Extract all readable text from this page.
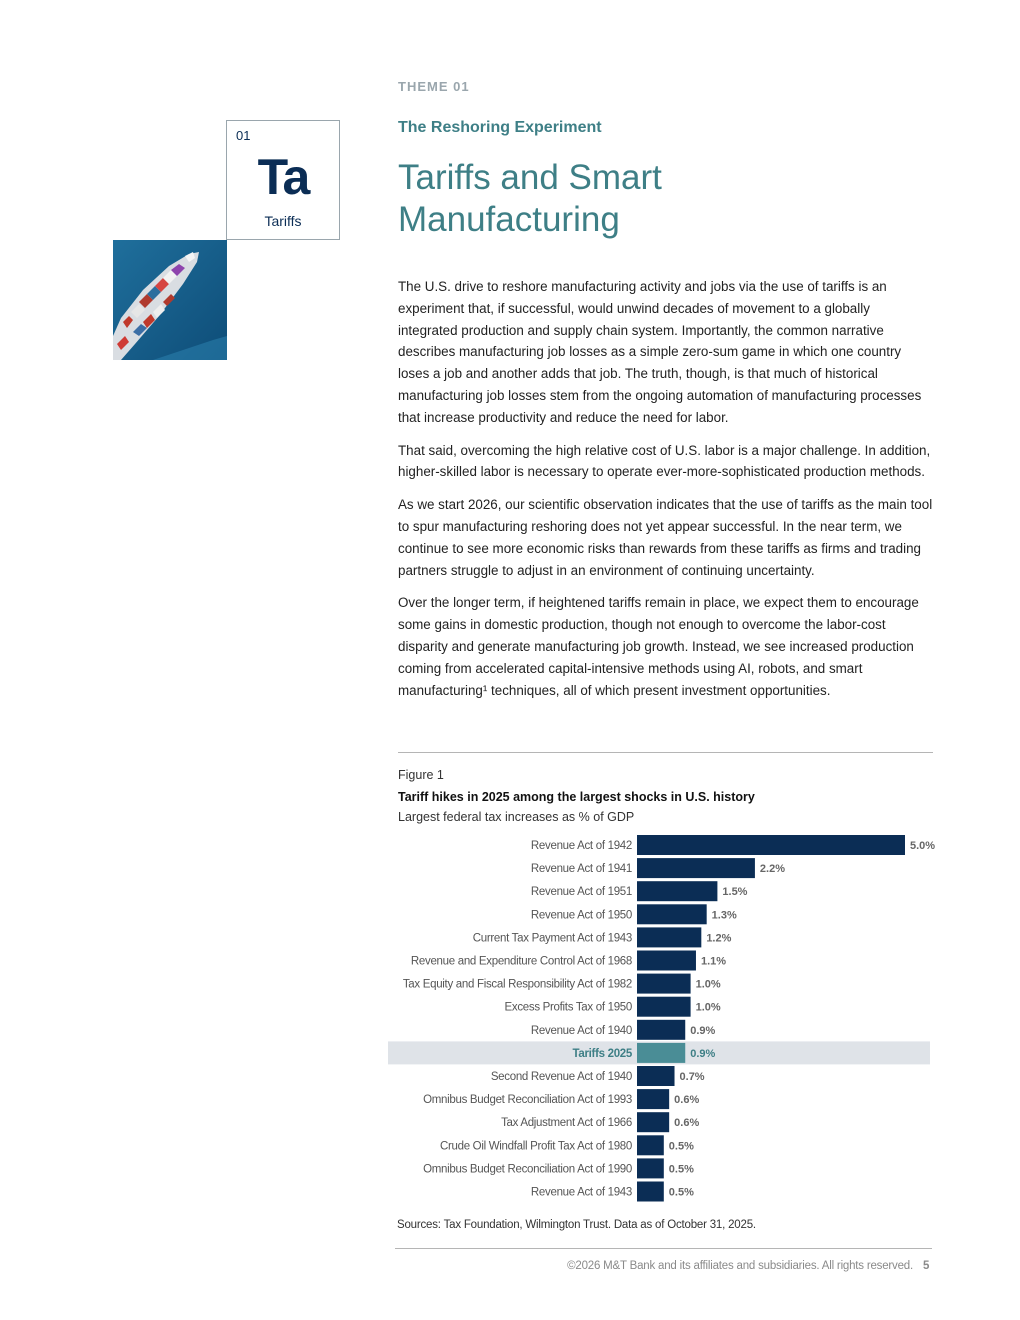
THEME 01
The Reshoring Experiment
Tariffs and Smart Manufacturing
01
Ta
Tariffs

The U.S. drive to reshore manufacturing activity and jobs via the use of tariffs is an experiment that, if successful, would unwind decades of movement to a globally integrated production and supply chain system. Importantly, the common narrative describes manufacturing job losses as a simple zero-sum game in which one country loses a job and another adds that job. The truth, though, is that much of historical manufacturing job losses stem from the ongoing automation of manufacturing processes that increase productivity and reduce the need for labor.

That said, overcoming the high relative cost of U.S. labor is a major challenge. In addition, higher-skilled labor is necessary to operate ever-more-sophisticated production methods.

As we start 2026, our scientific observation indicates that the use of tariffs as the main tool to spur manufacturing reshoring does not yet appear successful. In the near term, we continue to see more economic risks than rewards from these tariffs as firms and trading partners struggle to adjust in an environment of continuing uncertainty.

Over the longer term, if heightened tariffs remain in place, we expect them to encourage some gains in domestic production, though not enough to overcome the labor-cost disparity and generate manufacturing job growth. Instead, we see increased production coming from accelerated capital-intensive methods using AI, robots, and smart manufacturing¹ techniques, all of which present investment opportunities.

Figure 1
Tariff hikes in 2025 among the largest shocks in U.S. history
Largest federal tax increases as % of GDP
Revenue Act of 1942	5.0%
Revenue Act of 1941	2.2%
Revenue Act of 1951	1.5%
Revenue Act of 1950	1.3%
Current Tax Payment Act of 1943	1.2%
Revenue and Expenditure Control Act of 1968	1.1%
Tax Equity and Fiscal Responsibility Act of 1982	1.0%
Excess Profits Tax of 1950	1.0%
Revenue Act of 1940	0.9%
Tariffs 2025	0.9%
Second Revenue Act of 1940	0.7%
Omnibus Budget Reconciliation Act of 1993	0.6%
Tax Adjustment Act of 1966	0.6%
Crude Oil Windfall Profit Tax Act of 1980	0.5%
Omnibus Budget Reconciliation Act of 1990	0.5%
Revenue Act of 1943	0.5%
Sources: Tax Foundation, Wilmington Trust. Data as of October 31, 2025.
©2026 M&T Bank and its affiliates and subsidiaries. All rights reserved. 5
